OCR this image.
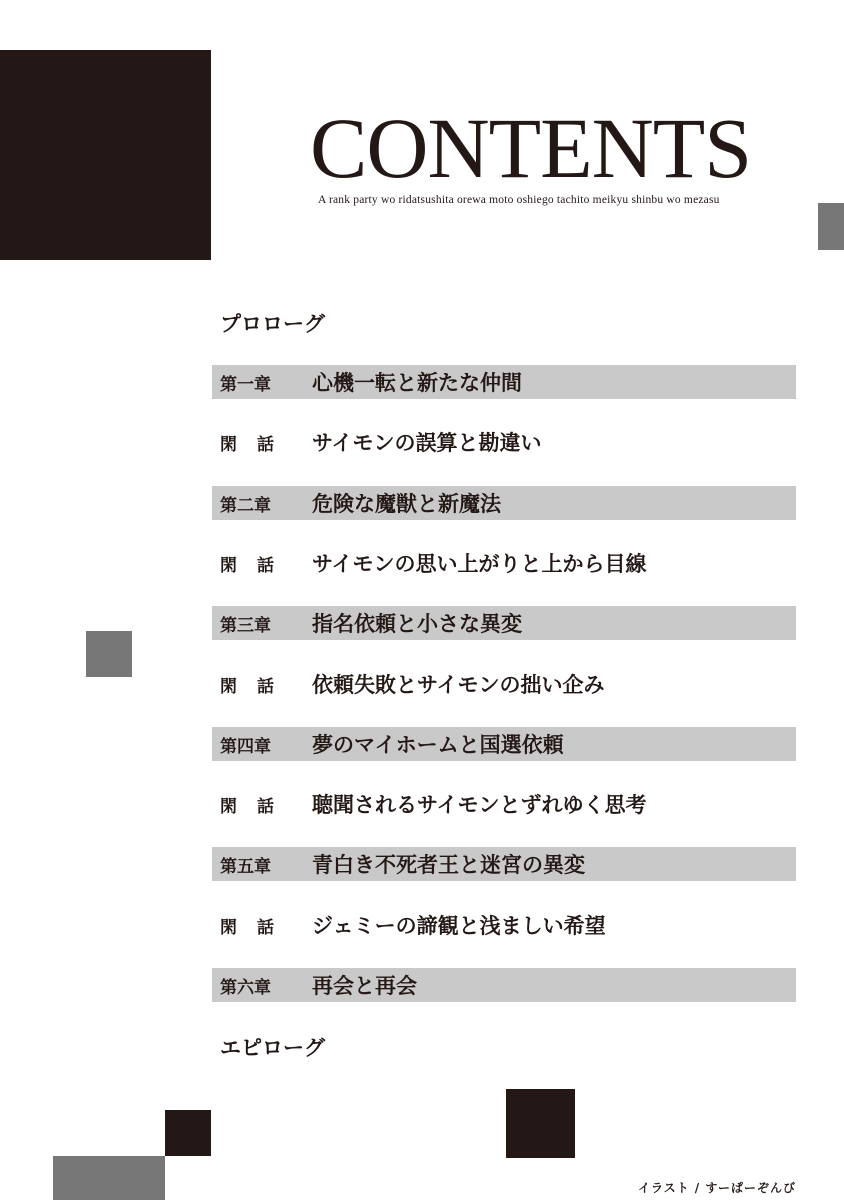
CONTENTS
A rank party wo ridatsushita orewa moto oshiego tachito meikyu shinbu wo mezasu
プロローグ
第一章	心機一転と新たな仲間
閑話 サイモンの誤算と勘違い
第二章	危険な魔獣と新魔法
閑話 サイモンの思い上がりと上から目線
第三章	指名依頼と小さな異変
閑話 依頼失敗とサイモンの拙い企み
第四章	夢のマイホームと国選依頼
閑話 聴聞されるサイモンとずれゆく思考
第五章	青白き不死者王と迷宮の異変
閑話 ジェミーの諦観と浅ましい希望
第六章	再会と再会
エピローグ
イラスト / すーぱーぞんび
